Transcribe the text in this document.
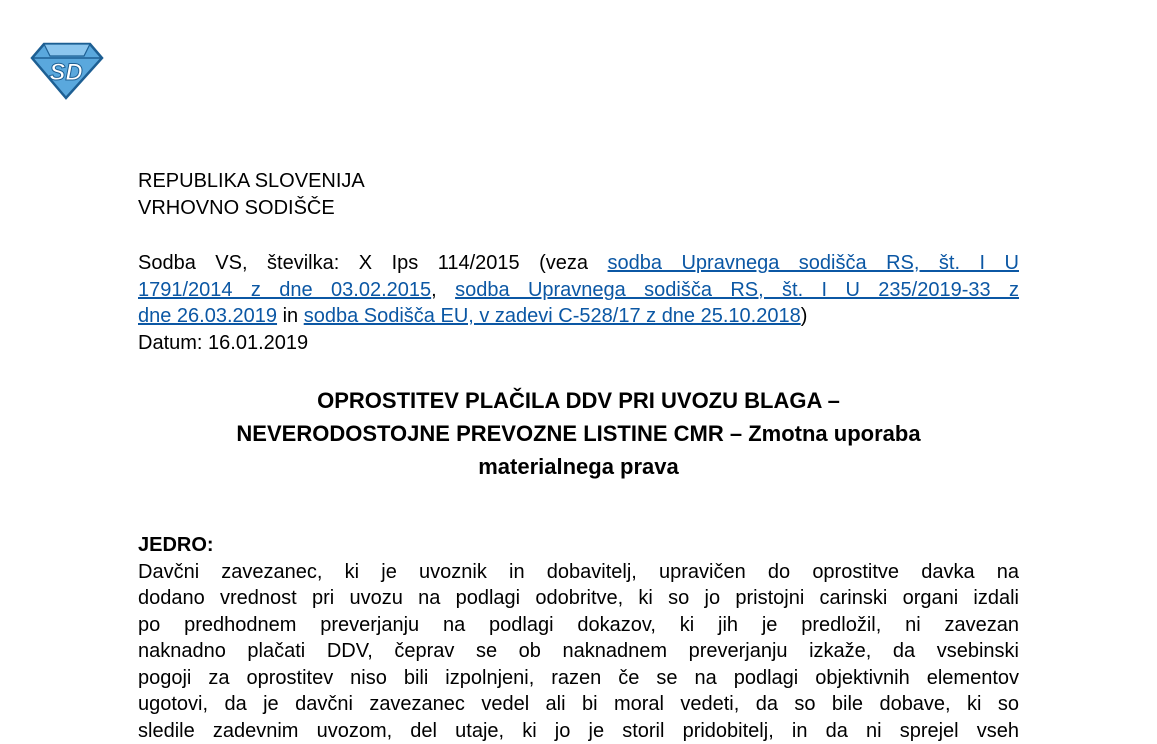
SD
REPUBLIKA SLOVENIJA
VRHOVNO SODIŠČE
Sodba VS, številka: X Ips 114/2015 (veza sodba Upravnega sodišča RS, št. I U
1791/2014 z dne 03.02.2015, sodba Upravnega sodišča RS, št. I U 235/2019-33 z
dne 26.03.2019 in sodba Sodišča EU, v zadevi C-528/17 z dne 25.10.2018)
Datum: 16.01.2019
OPROSTITEV PLAČILA DDV PRI UVOZU BLAGA –
NEVERODOSTOJNE PREVOZNE LISTINE CMR – Zmotna uporaba
materialnega prava
JEDRO:
Davčni zavezanec, ki je uvoznik in dobavitelj, upravičen do oprostitve davka na
dodano vrednost pri uvozu na podlagi odobritve, ki so jo pristojni carinski organi izdali
po predhodnem preverjanju na podlagi dokazov, ki jih je predložil, ni zavezan
naknadno plačati DDV, čeprav se ob naknadnem preverjanju izkaže, da vsebinski
pogoji za oprostitev niso bili izpolnjeni, razen če se na podlagi objektivnih elementov
ugotovi, da je davčni zavezanec vedel ali bi moral vedeti, da so bile dobave, ki so
sledile zadevnim uvozom, del utaje, ki jo je storil pridobitelj, in da ni sprejel vseh
